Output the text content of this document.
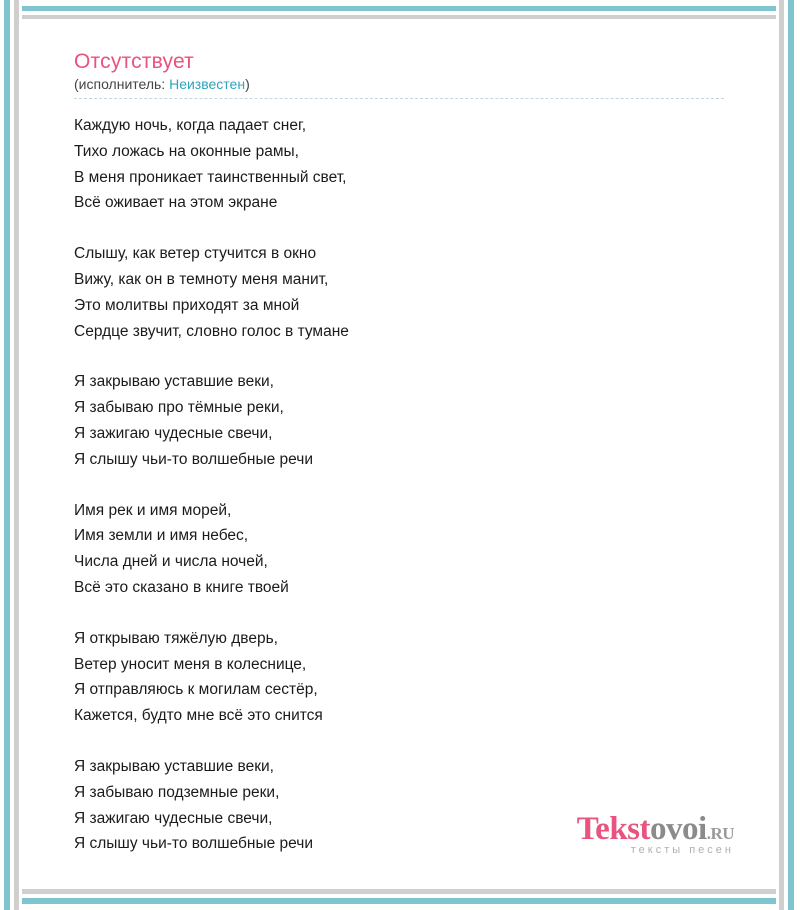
Отсутствует
(исполнитель: Неизвестен)

Каждую ночь, когда падает снег,
Тихо ложась на оконные рамы,
В меня проникает таинственный свет,
Всё оживает на этом экране

Слышу, как ветер стучится в окно
Вижу, как он в темноту меня манит,
Это молитвы приходят за мной
Сердце звучит, словно голос в тумане

Я закрываю уставшие веки,
Я забываю про тёмные реки,
Я зажигаю чудесные свечи,
Я слышу чьи-то волшебные речи

Имя рек и имя морей,
Имя земли и имя небес,
Числа дней и числа ночей,
Всё это сказано в книге твоей

Я открываю тяжёлую дверь,
Ветер уносит меня в колеснице,
Я отправляюсь к могилам сестёр,
Кажется, будто мне всё это снится

Я закрываю уставшие веки,
Я забываю подземные реки,
Я зажигаю чудесные свечи,
Я слышу чьи-то волшебные речи	Tekstovoi.RU
тексты песен
